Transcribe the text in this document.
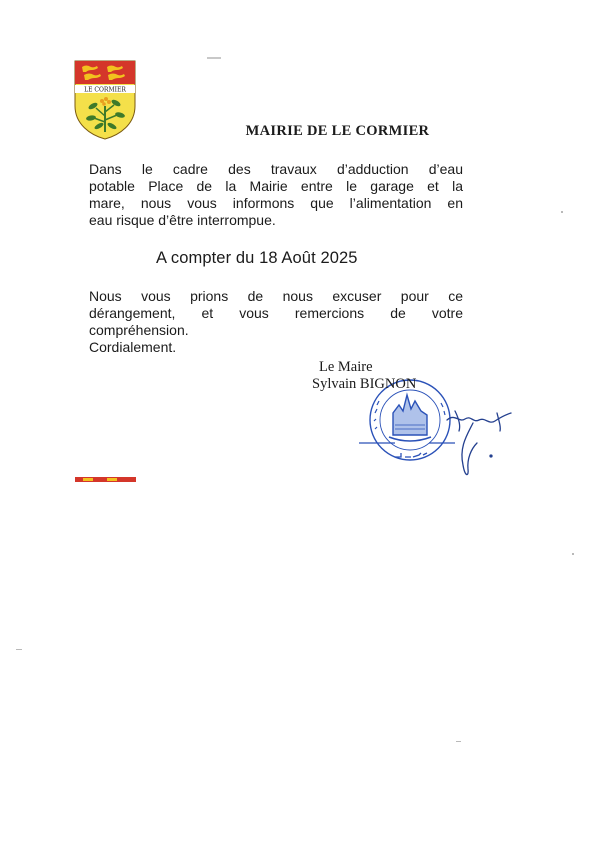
LE CORMIER
MAIRIE DE LE CORMIER
Dans le cadre des travaux d’adduction d’eau
potable Place de la Mairie entre le garage et la
mare, nous vous informons que l’alimentation en
eau risque d’être interrompue.
A compter du 18 Août 2025
Nous vous prions de nous excuser pour ce
dérangement, et vous remercions de votre
compréhension.
Cordialement.
Le Maire
Sylvain BIGNON
